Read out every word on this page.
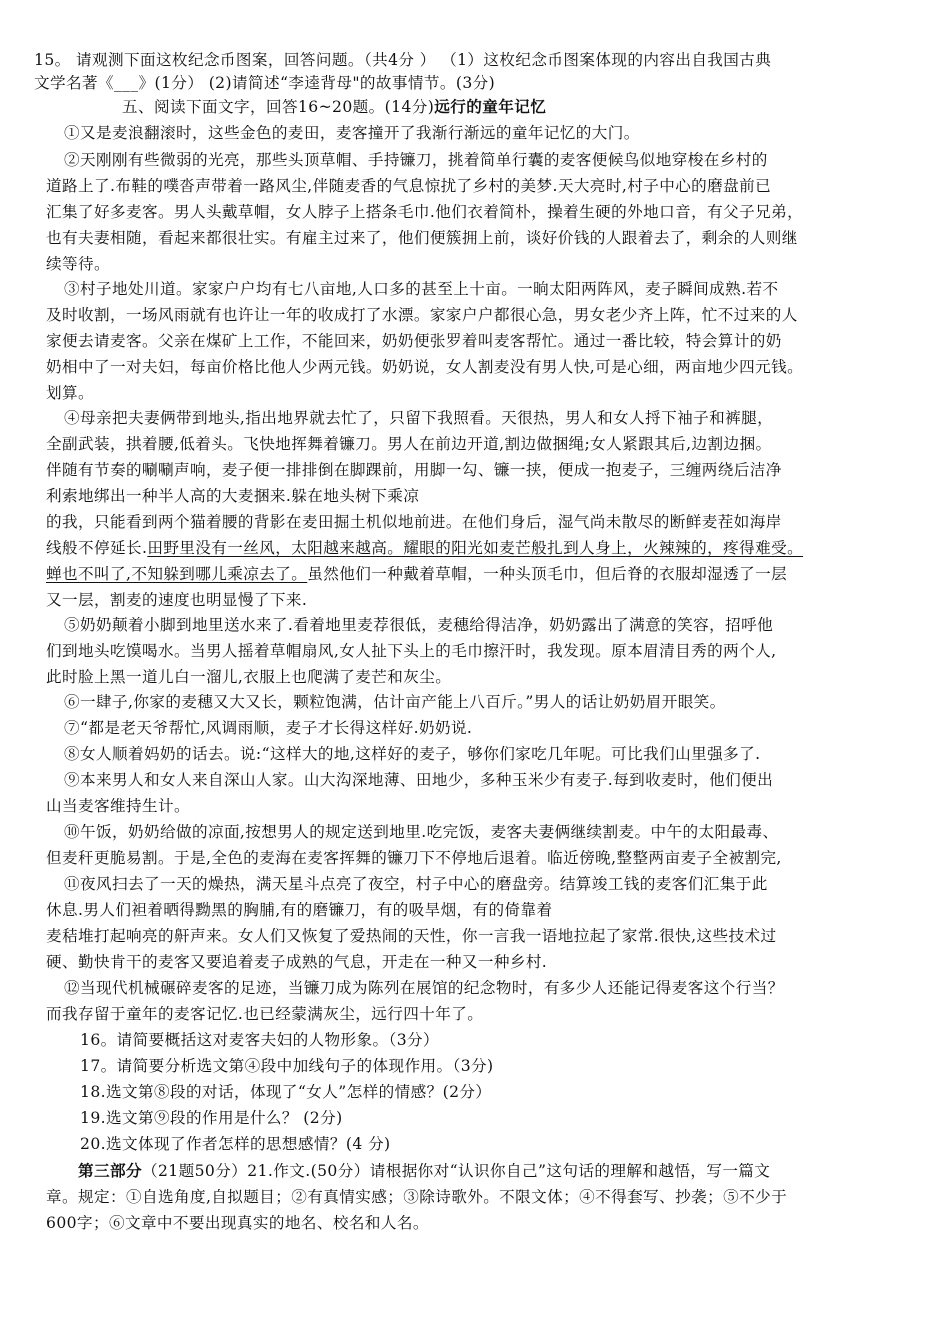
15。 请观测下面这枚纪念币图案，回答问题。（共4分 ） （1）这枚纪念币图案体现的内容出自我国古典
文学名著《___》(1分） (2)请简述“李逵背母"的故事情节。(3分)
五、阅读下面文字，回答16~20题。(14分)远行的童年记忆
①又是麦浪翻滚时，这些金色的麦田，麦客撞开了我渐行渐远的童年记忆的大门。
②天刚刚有些微弱的光亮，那些头顶草帽、手持镰刀，挑着简单行囊的麦客便候鸟似地穿梭在乡村的
道路上了.布鞋的噗沓声带着一路风尘,伴随麦香的气息惊扰了乡村的美梦.天大亮时,村子中心的磨盘前已
汇集了好多麦客。男人头戴草帽，女人脖子上搭条毛巾.他们衣着简朴，操着生硬的外地口音，有父子兄弟，
也有夫妻相随，看起来都很壮实。有雇主过来了，他们便簇拥上前，谈好价钱的人跟着去了，剩余的人则继
续等待。
③村子地处川道。家家户户均有七八亩地,人口多的甚至上十亩。一晌太阳两阵风，麦子瞬间成熟.若不
及时收割，一场风雨就有也许让一年的收成打了水漂。家家户户都很心急，男女老少齐上阵，忙不过来的人
家便去请麦客。父亲在煤矿上工作，不能回来，奶奶便张罗着叫麦客帮忙。通过一番比较，特会算计的奶
奶相中了一对夫妇，每亩价格比他人少两元钱。奶奶说，女人割麦没有男人快,可是心细，两亩地少四元钱。
划算。
④母亲把夫妻俩带到地头,指出地界就去忙了，只留下我照看。天很热，男人和女人捋下袖子和裤腿，
全副武装，拱着腰,低着头。飞快地挥舞着镰刀。男人在前边开道,割边做捆绳;女人紧跟其后,边割边捆。
伴随有节奏的唰唰声响，麦子便一排排倒在脚踝前，用脚一勾、镰一挟，便成一抱麦子，三缠两绕后洁净
利索地绑出一种半人高的大麦捆来.躲在地头树下乘凉
的我，只能看到两个猫着腰的背影在麦田掘土机似地前进。在他们身后，湿气尚未散尽的断鲜麦茬如海岸
线般不停延长.田野里没有一丝风，太阳越来越高。耀眼的阳光如麦芒般扎到人身上，火辣辣的，疼得难受。
蝉也不叫了,不知躲到哪儿乘凉去了。虽然他们一种戴着草帽，一种头顶毛巾，但后脊的衣服却湿透了一层
又一层，割麦的速度也明显慢了下来.
⑤奶奶颠着小脚到地里送水来了.看着地里麦荐很低，麦穗给得洁净，奶奶露出了满意的笑容，招呼他
们到地头吃馍喝水。当男人摇着草帽扇风,女人扯下头上的毛巾擦汗时，我发现。原本眉清目秀的两个人,
此时脸上黑一道儿白一溜儿,衣服上也爬满了麦芒和灰尘。
⑥一肆子,你家的麦穗又大又长，颗粒饱满，估计亩产能上八百斤。”男人的话让奶奶眉开眼笑。
⑦“都是老天爷帮忙,风调雨顺，麦子才长得这样好.奶奶说.
⑧女人顺着妈奶的话去。说:“这样大的地,这样好的麦子，够你们家吃几年呢。可比我们山里强多了.
⑨本来男人和女人来自深山人家。山大沟深地薄、田地少，多种玉米少有麦子.每到收麦时，他们便出
山当麦客维持生计。
⑩午饭，奶奶给做的凉面,按想男人的规定送到地里.吃完饭，麦客夫妻俩继续割麦。中午的太阳最毒、
但麦秆更脆易割。于是,全色的麦海在麦客挥舞的镰刀下不停地后退着。临近傍晚,整整两亩麦子全被割完,
⑪夜风扫去了一天的燥热，满天星斗点亮了夜空，村子中心的磨盘旁。结算竣工钱的麦客们汇集于此
休息.男人们袒着晒得黝黑的胸脯,有的磨镰刀，有的吸旱烟，有的倚靠着
麦秸堆打起响亮的鼾声来。女人们又恢复了爱热闹的天性，你一言我一语地拉起了家常.很快,这些技术过
硬、勤快肯干的麦客又要追着麦子成熟的气息，开走在一种又一种乡村.
⑫当现代机械碾碎麦客的足迹，当镰刀成为陈列在展馆的纪念物时，有多少人还能记得麦客这个行当？
而我存留于童年的麦客记忆.也已经蒙满灰尘，远行四十年了。
16。请简要概括这对麦客夫妇的人物形象。（3分）
17。请简要分析选文第④段中加线句子的体现作用。（3分)
18.选文第⑧段的对话，体现了“女人”怎样的情感？(2分）
19.选文第⑨段的作用是什么？ (2分)
20.选文体现了作者怎样的思想感情？(4 分)
第三部分（21题50分）21.作文.(50分）请根据你对“认识你自己”这句话的理解和越悟，写一篇文
章。规定：①自选角度,自拟题目；②有真情实感；③除诗歌外。不限文体；④不得套写、抄袭；⑤不少于
600字；⑥文章中不要出现真实的地名、校名和人名。
